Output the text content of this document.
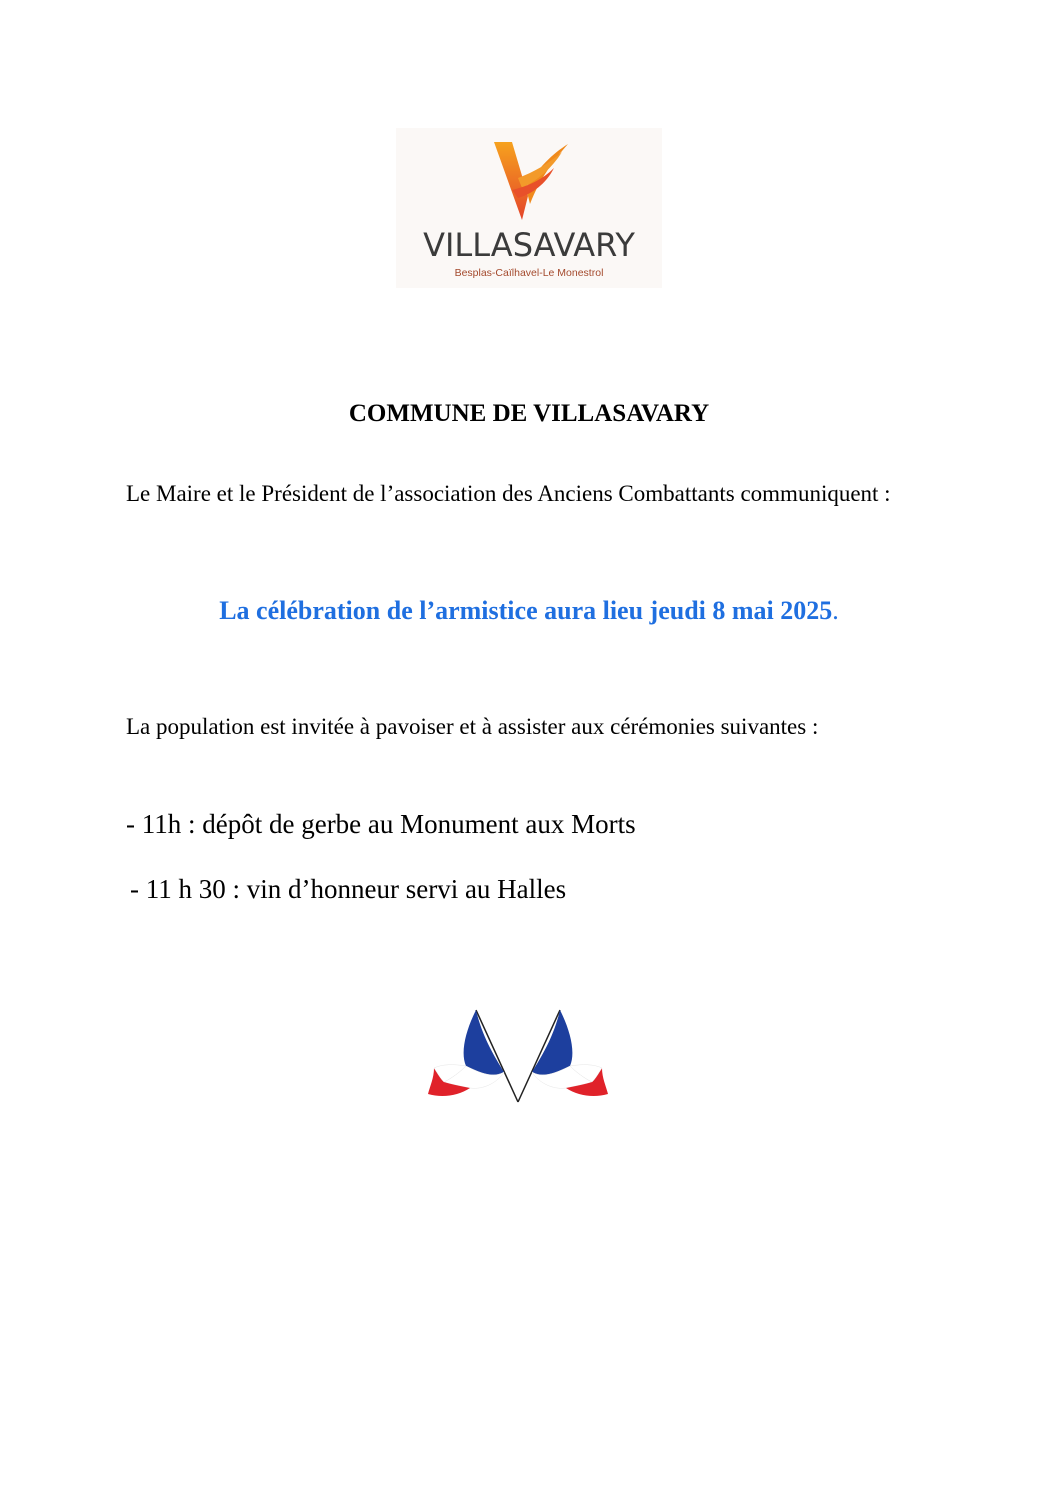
VILLASAVARY
Besplas-Caïlhavel-Le Monestrol
COMMUNE DE VILLASAVARY

Le Maire et le Président de l’association des Anciens Combattants communiquent :

La célébration de l’armistice aura lieu jeudi 8 mai 2025.

La population est invitée à pavoiser et à assister aux cérémonies suivantes :

- 11h : dépôt de gerbe au Monument aux Morts

- 11 h 30 : vin d’honneur servi au Halles
